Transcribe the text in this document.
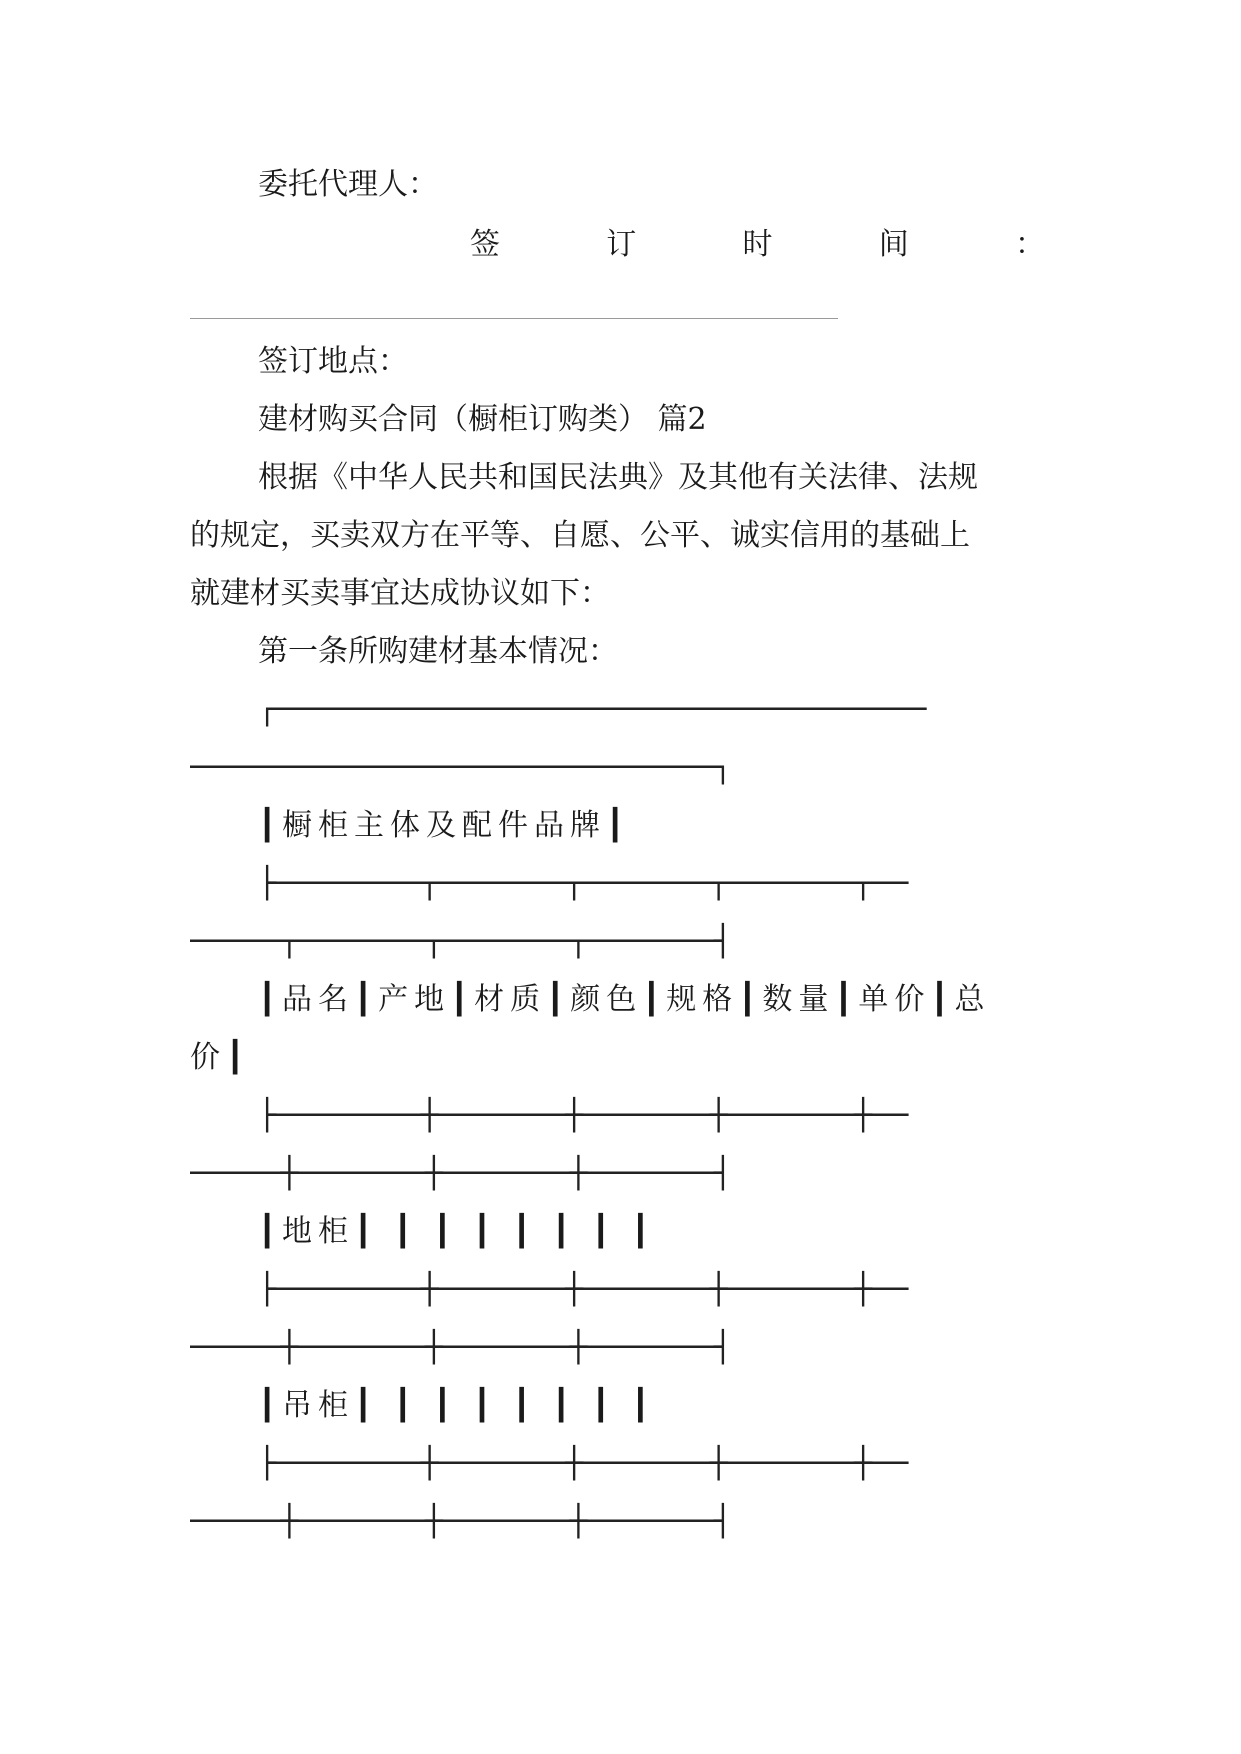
委托代理人：
签	订	时	间	：
签订地点：
建材购买合同（橱柜订购类） 篇2
根据《中华人民共和国民法典》及其他有关法律、法规
的规定，买卖双方在平等、自愿、公平、诚实信用的基础上
就建材买卖事宜达成协议如下：
第一条所购建材基本情况：
┌────────────────────────────────────
─────────────────────────────┐
┃橱柜主体及配件品牌┃
├────────┬───────┬───────┬───────┬──
─────┬───────┬───────┬───────┤
┃品名┃产地┃材质┃颜色┃规格┃数量┃单价┃总
价┃
├────────┼───────┼───────┼───────┼──
─────┼───────┼───────┼───────┤
┃地柜┃ ┃ ┃ ┃ ┃ ┃ ┃ ┃
├────────┼───────┼───────┼───────┼──
─────┼───────┼───────┼───────┤
┃吊柜┃ ┃ ┃ ┃ ┃ ┃ ┃ ┃
├────────┼───────┼───────┼───────┼──
─────┼───────┼───────┼───────┤
